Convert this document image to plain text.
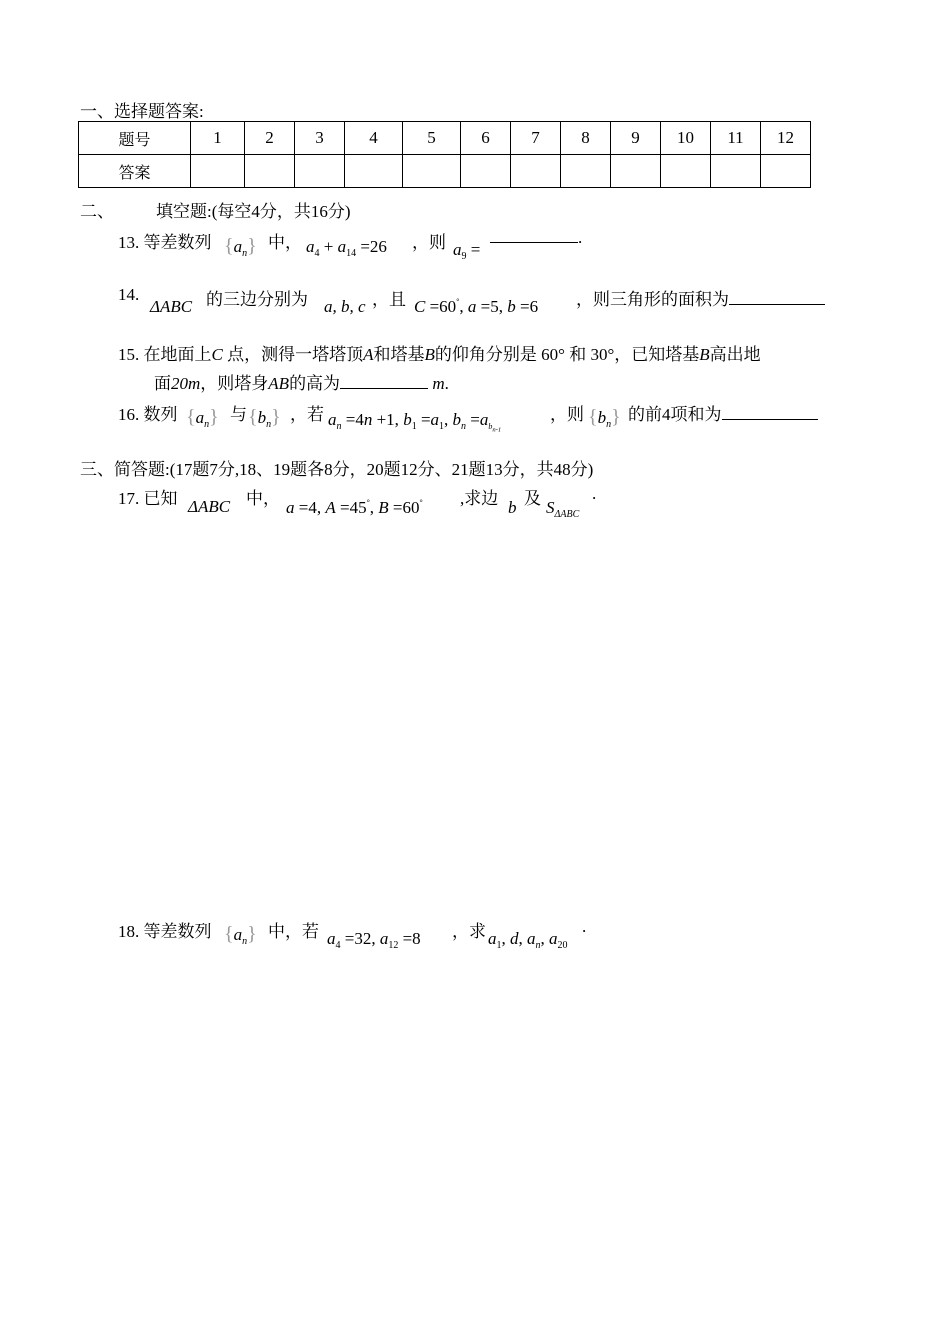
一、选择题答案:
题号	1	2	3	4	5	6	7	8	9	10	11	12
答案												
二、 填空题:(每空4分，共16分)
13. 等差数列 $\{a_n\}$ 中， $a_4 + a_{14} =26$ ，则 $a_9$ =
.
14.
ΔABC 的三边分别为 a, b, c ，且 C =60°, a =5, b =6 ，则三角形的面积为
15. 在地面上C 点，测得一塔塔顶A和塔基B的仰角分别是 60° 和 30°，已知塔基B高出地
面20m，则塔身AB的高为	m.
16. 数列 $\{a_n\}$ 与 $\{b_n\}$ ，若 $a_n =4n +1$, $b_1 =a_1$, $b_n =a_{b_{n-1}}$
，则 $\{b_n\}$ 的前4项和为
三、简答题:(17题7分,18、19题各8分，20题12分、21题13分，共48分)
17. 已知 ΔABC 中， a =4, A =45°, B =60° ,求边 b 及 $S_{\Delta ABC}$
.
18. 等差数列 $\{a_n\}$ 中，若 $a_4 =32$, $a_{12} =8$ ，求 $a_1$, d, $a_n$, $a_{20}$
.
